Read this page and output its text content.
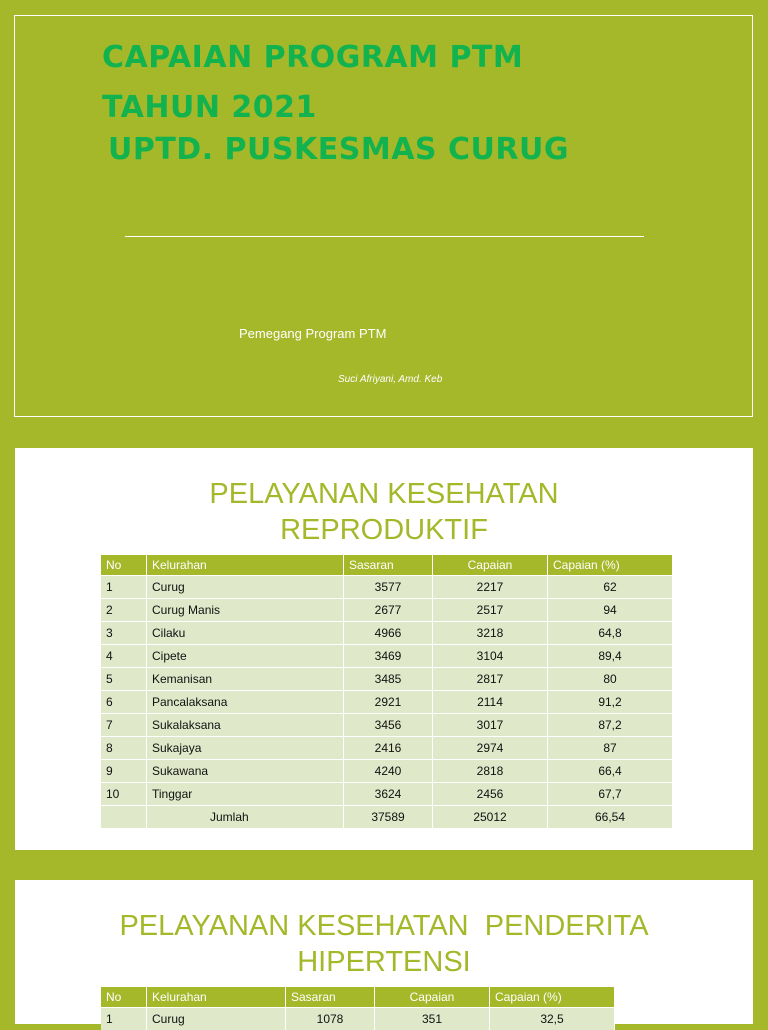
CAPAIAN PROGRAM PTM
TAHUN 2021
UPTD. PUSKESMAS CURUG
Pemegang Program PTM
Suci Afriyani, Amd. Keb
PELAYANAN KESEHATAN
REPRODUKTIF
No	Kelurahan	Sasaran	Capaian	Capaian (%)
1	Curug	3577	2217	62
2	Curug Manis	2677	2517	94
3	Cilaku	4966	3218	64,8
4	Cipete	3469	3104	89,4
5	Kemanisan	3485	2817	80
6	Pancalaksana	2921	2114	91,2
7	Sukalaksana	3456	3017	87,2
8	Sukajaya	2416	2974	87
9	Sukawana	4240	2818	66,4
10	Tinggar	3624	2456	67,7
	Jumlah	37589	25012	66,54
PELAYANAN KESEHATAN  PENDERITA
HIPERTENSI
No	Kelurahan	Sasaran	Capaian	Capaian (%)
1	Curug	1078	351	32,5
